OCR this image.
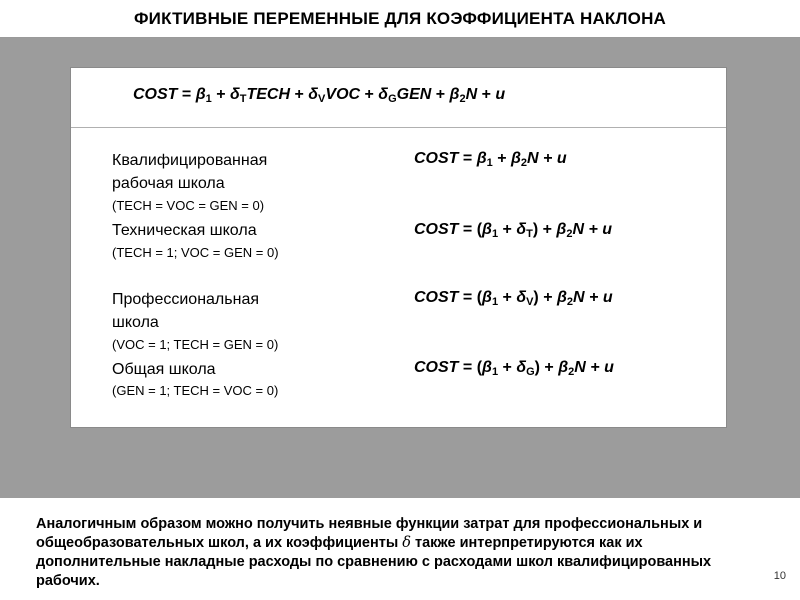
ФИКТИВНЫЕ ПЕРЕМЕННЫЕ ДЛЯ КОЭФФИЦИЕНТА НАКЛОНА
COST = $\beta_1$ + $\delta_TTECH + \delta_VVOC + \delta_GGEN + \beta_2N + u$
Квалифицированная
рабочая школа
(TECH = VOC = GEN = 0)
COST = $\beta_1 + \beta_2N + u$
Техническая школа
(TECH = 1; VOC = GEN = 0)
COST = $(\beta_1 + \delta_T) + \beta_2N + u$
Профессиональная
школа
(VOC = 1; TECH = GEN = 0)
COST = $(\beta_1 + \delta_V) + \beta_2N + u$
Общая школа
(GEN = 1; TECH = VOC = 0)
COST = $(\beta_1 + \delta_G) + \beta_2N + u$
Аналогичным образом можно получить неявные функции затрат для профессиональных и общеобразовательных школ, а их коэффициенты δ также интерпретируются как их дополнительные накладные расходы по сравнению с расходами школ квалифицированных рабочих.	10
